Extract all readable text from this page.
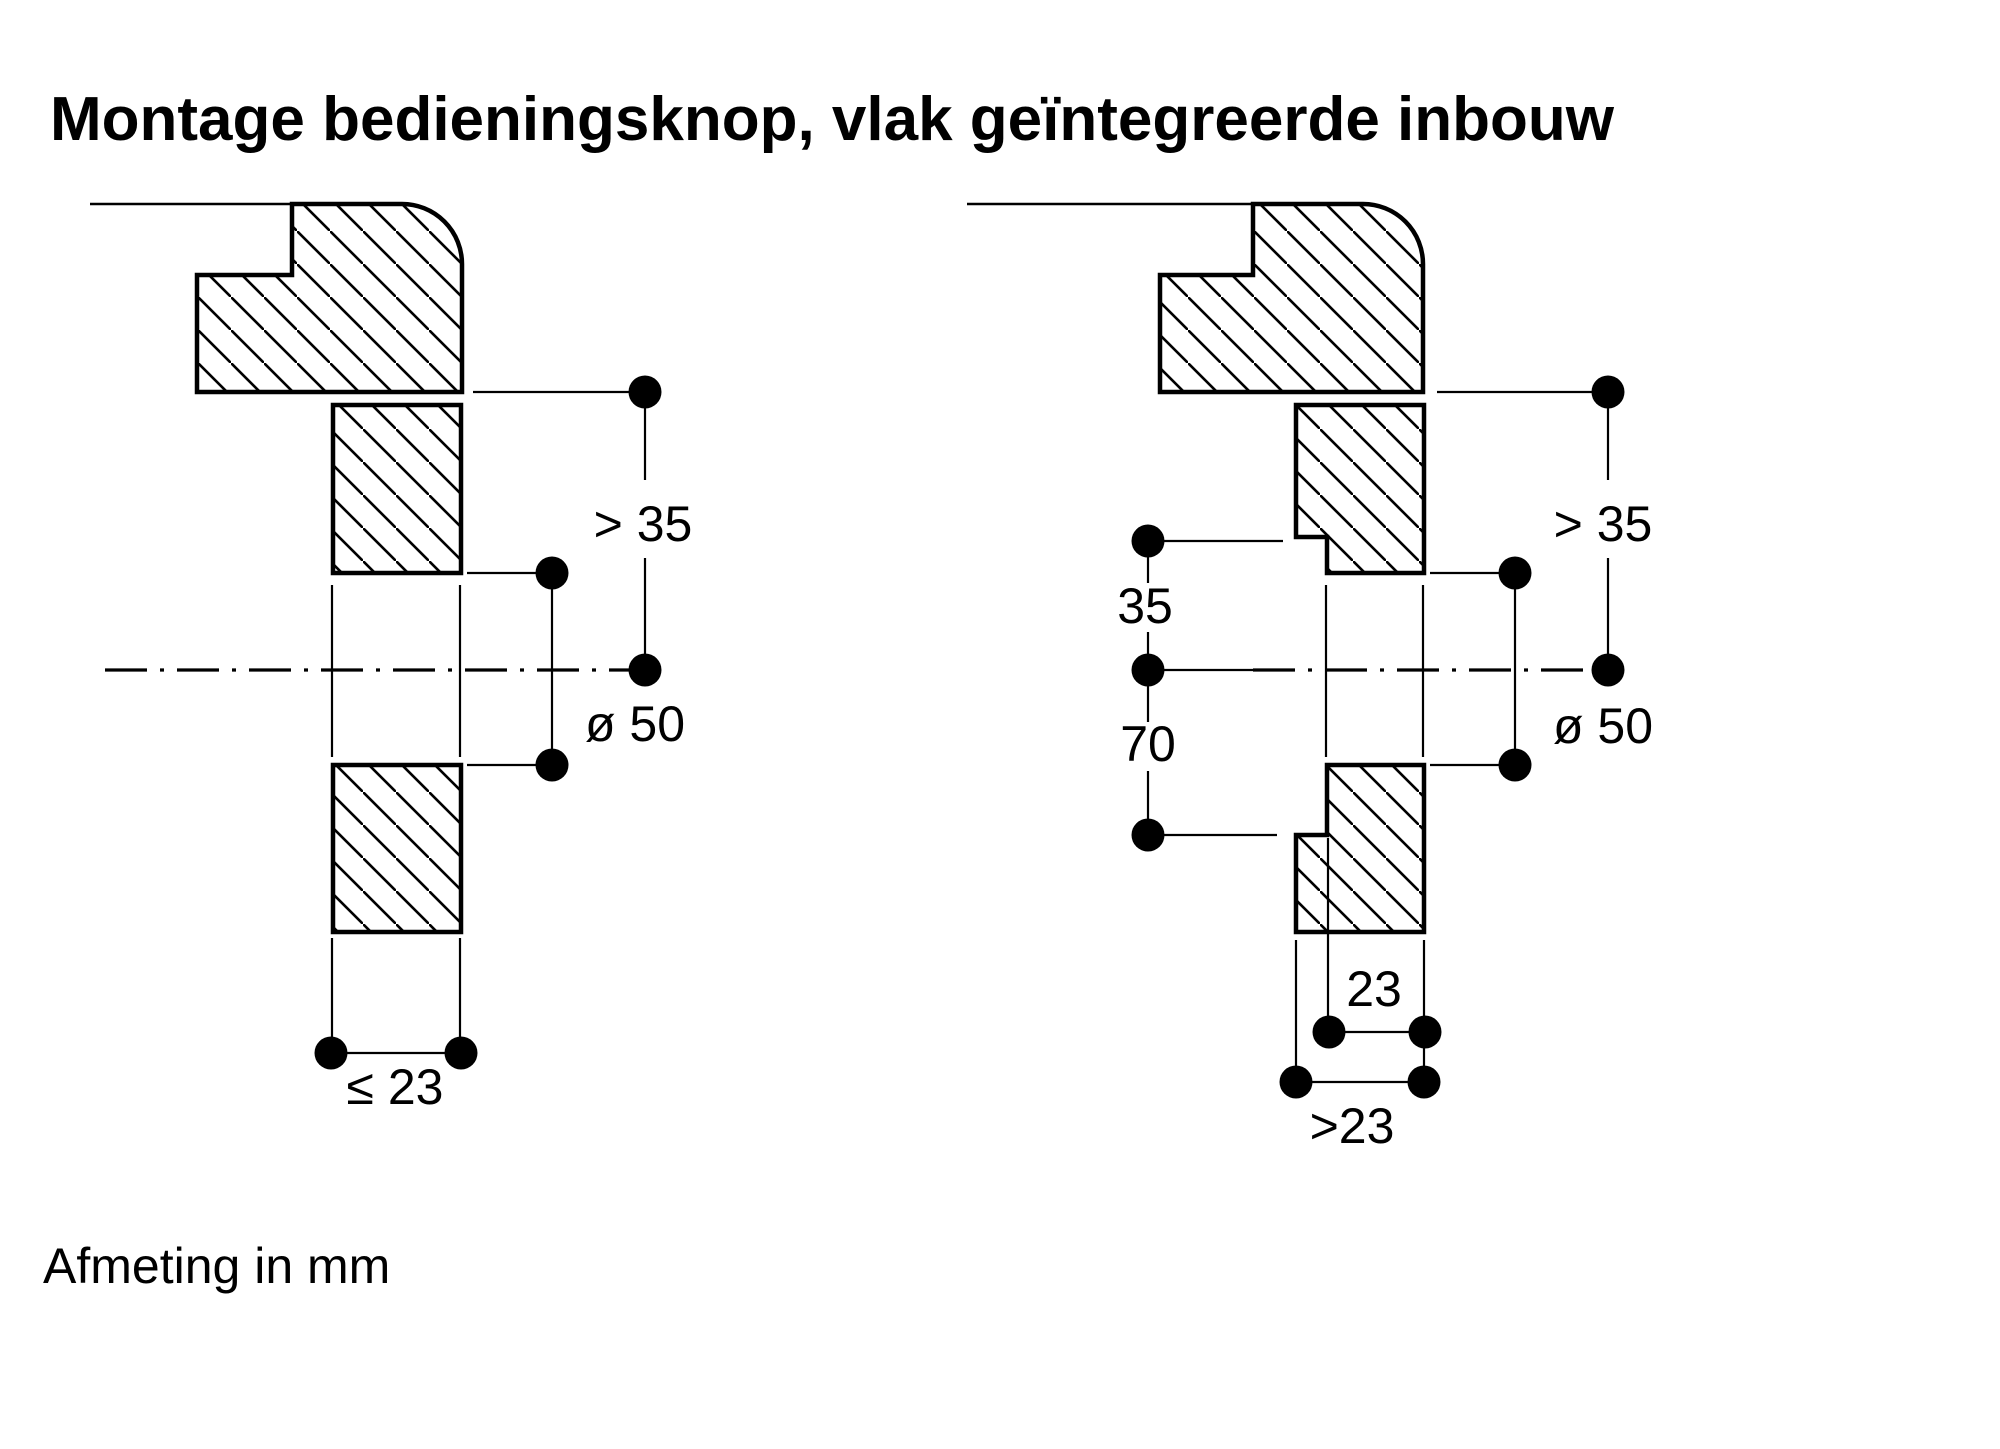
Montage bedieningsknop, vlak geïntegreerde inbouw
> 35
ø 50
≤ 23
35
70
> 35
ø 50
23
>23
Afmeting in mm
